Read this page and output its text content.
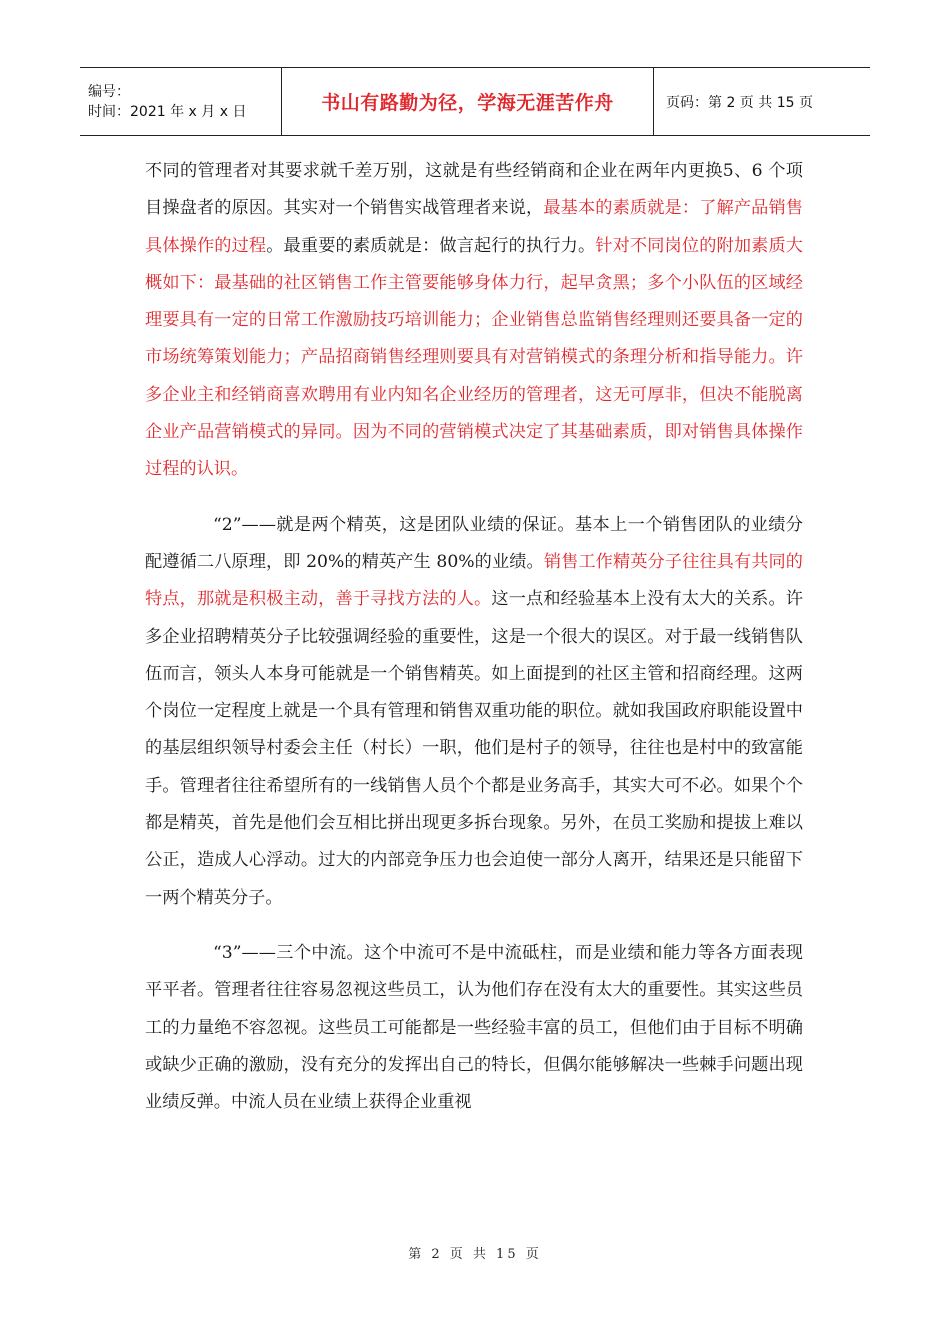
编号：
时间：2021 年 x 月 x 日	书山有路勤为径，学海无涯苦作舟	页码：第 2 页 共 15 页

不同的管理者对其要求就千差万别，这就是有些经销商和企业在两年内更换5、6 个项目操盘者的原因。其实对一个销售实战管理者来说，最基本的素质就是：了解产品销售具体操作的过程。最重要的素质就是：做言起行的执行力。针对不同岗位的附加素质大概如下：最基础的社区销售工作主管要能够身体力行，起早贪黑；多个小队伍的区域经理要具有一定的日常工作激励技巧培训能力；企业销售总监销售经理则还要具备一定的市场统筹策划能力；产品招商销售经理则要具有对营销模式的条理分析和指导能力。许多企业主和经销商喜欢聘用有业内知名企业经历的管理者，这无可厚非，但决不能脱离企业产品营销模式的异同。因为不同的营销模式决定了其基础素质，即对销售具体操作过程的认识。

“2”——就是两个精英，这是团队业绩的保证。基本上一个销售团队的业绩分配遵循二八原理，即 20%的精英产生 80%的业绩。销售工作精英分子往往具有共同的特点，那就是积极主动，善于寻找方法的人。这一点和经验基本上没有太大的关系。许多企业招聘精英分子比较强调经验的重要性，这是一个很大的误区。对于最一线销售队伍而言，领头人本身可能就是一个销售精英。如上面提到的社区主管和招商经理。这两个岗位一定程度上就是一个具有管理和销售双重功能的职位。就如我国政府职能设置中的基层组织领导村委会主任（村长）一职，他们是村子的领导，往往也是村中的致富能手。管理者往往希望所有的一线销售人员个个都是业务高手，其实大可不必。如果个个都是精英，首先是他们会互相比拼出现更多拆台现象。另外，在员工奖励和提拔上难以公正，造成人心浮动。过大的内部竞争压力也会迫使一部分人离开，结果还是只能留下一两个精英分子。

“3”——三个中流。这个中流可不是中流砥柱，而是业绩和能力等各方面表现平平者。管理者往往容易忽视这些员工，认为他们存在没有太大的重要性。其实这些员工的力量绝不容忽视。这些员工可能都是一些经验丰富的员工，但他们由于目标不明确或缺少正确的激励，没有充分的发挥出自己的特长，但偶尔能够解决一些棘手问题出现业绩反弹。中流人员在业绩上获得企业重视

第 2 页 共 15 页
